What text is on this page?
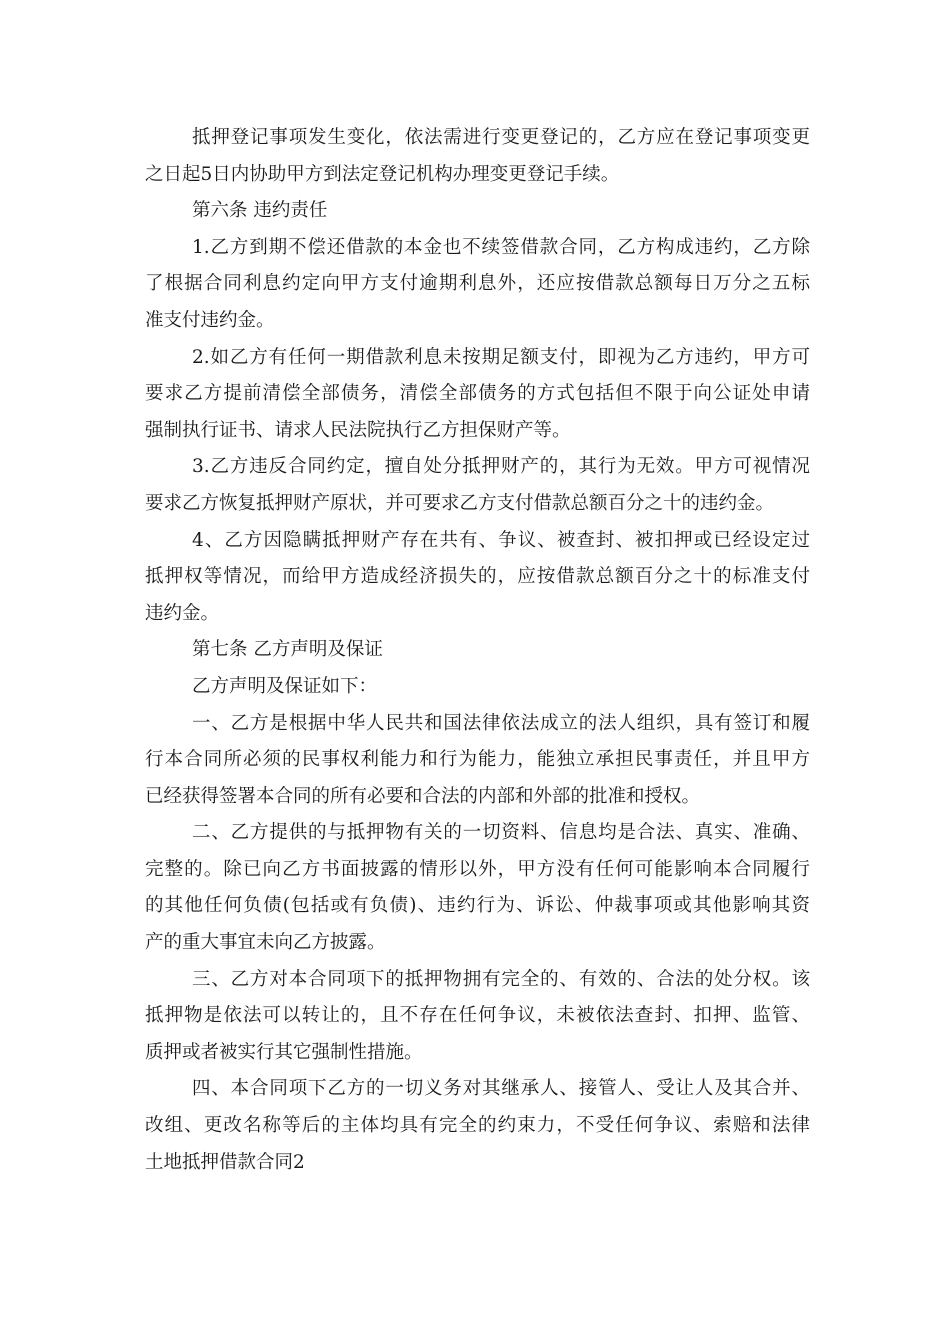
抵押登记事项发生变化，依法需进行变更登记的，乙方应在登记事项变更
之日起5日内协助甲方到法定登记机构办理变更登记手续。
第六条 违约责任
1.乙方到期不偿还借款的本金也不续签借款合同，乙方构成违约，乙方除
了根据合同利息约定向甲方支付逾期利息外，还应按借款总额每日万分之五标
准支付违约金。
2.如乙方有任何一期借款利息未按期足额支付，即视为乙方违约，甲方可
要求乙方提前清偿全部债务，清偿全部债务的方式包括但不限于向公证处申请
强制执行证书、请求人民法院执行乙方担保财产等。
3.乙方违反合同约定，擅自处分抵押财产的，其行为无效。甲方可视情况
要求乙方恢复抵押财产原状，并可要求乙方支付借款总额百分之十的违约金。
4、乙方因隐瞒抵押财产存在共有、争议、被查封、被扣押或已经设定过
抵押权等情况，而给甲方造成经济损失的，应按借款总额百分之十的标准支付
违约金。
第七条 乙方声明及保证
乙方声明及保证如下：
一、乙方是根据中华人民共和国法律依法成立的法人组织，具有签订和履
行本合同所必须的民事权利能力和行为能力，能独立承担民事责任，并且甲方
已经获得签署本合同的所有必要和合法的内部和外部的批准和授权。
二、乙方提供的与抵押物有关的一切资料、信息均是合法、真实、准确、
完整的。除已向乙方书面披露的情形以外，甲方没有任何可能影响本合同履行
的其他任何负债(包括或有负债)、违约行为、诉讼、仲裁事项或其他影响其资
产的重大事宜未向乙方披露。
三、乙方对本合同项下的抵押物拥有完全的、有效的、合法的处分权。该
抵押物是依法可以转让的，且不存在任何争议，未被依法查封、扣押、监管、
质押或者被实行其它强制性措施。
四、本合同项下乙方的一切义务对其继承人、接管人、受让人及其合并、
改组、更改名称等后的主体均具有完全的约束力，不受任何争议、索赔和法律
土地抵押借款合同2
